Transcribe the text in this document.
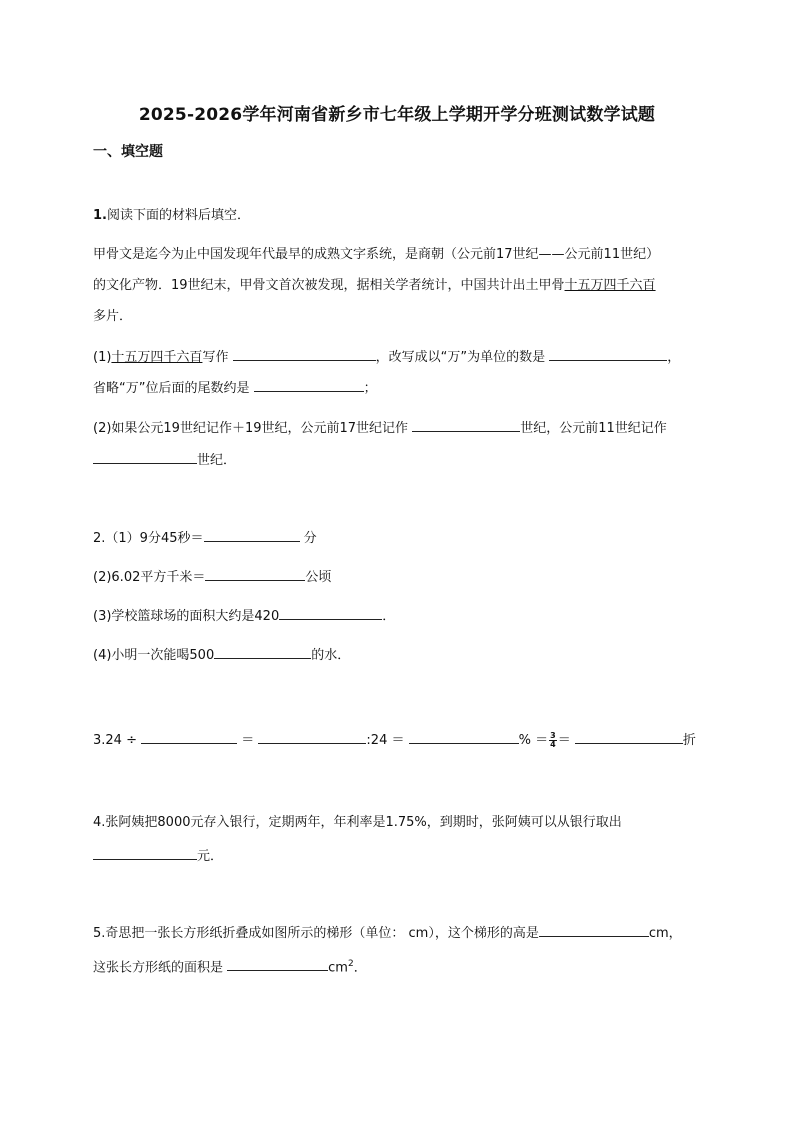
2025-2026学年河南省新乡市七年级上学期开学分班测试数学试题
一、填空题
1.阅读下面的材料后填空．
甲骨文是迄今为止中国发现年代最早的成熟文字系统，是商朝（公元前17世纪——公元前11世纪）
的文化产物．19世纪末，甲骨文首次被发现，据相关学者统计，中国共计出土甲骨十五万四千六百
多片．
(1)十五万四千六百写作	，改写成以“万”为单位的数是	，
省略“万”位后面的尾数约是	；
(2)如果公元19世纪记作＋19世纪，公元前17世纪记作	世纪，公元前11世纪记作
世纪．
2.（1）9分45秒＝	分
(2)6.02平方千米＝	公顷
(3)学校篮球场的面积大约是420	．
(4)小明一次能喝500	的水．
3.24 ÷	＝	:24 ＝	% ＝ $\frac{3}{4}$ ＝	折
4.张阿姨把8000元存入银行，定期两年，年利率是1.75%，到期时，张阿姨可以从银行取出
元．
5.奇思把一张长方形纸折叠成如图所示的梯形（单位： cm），这个梯形的高是	cm，
这张长方形纸的面积是	$cm^2$．
